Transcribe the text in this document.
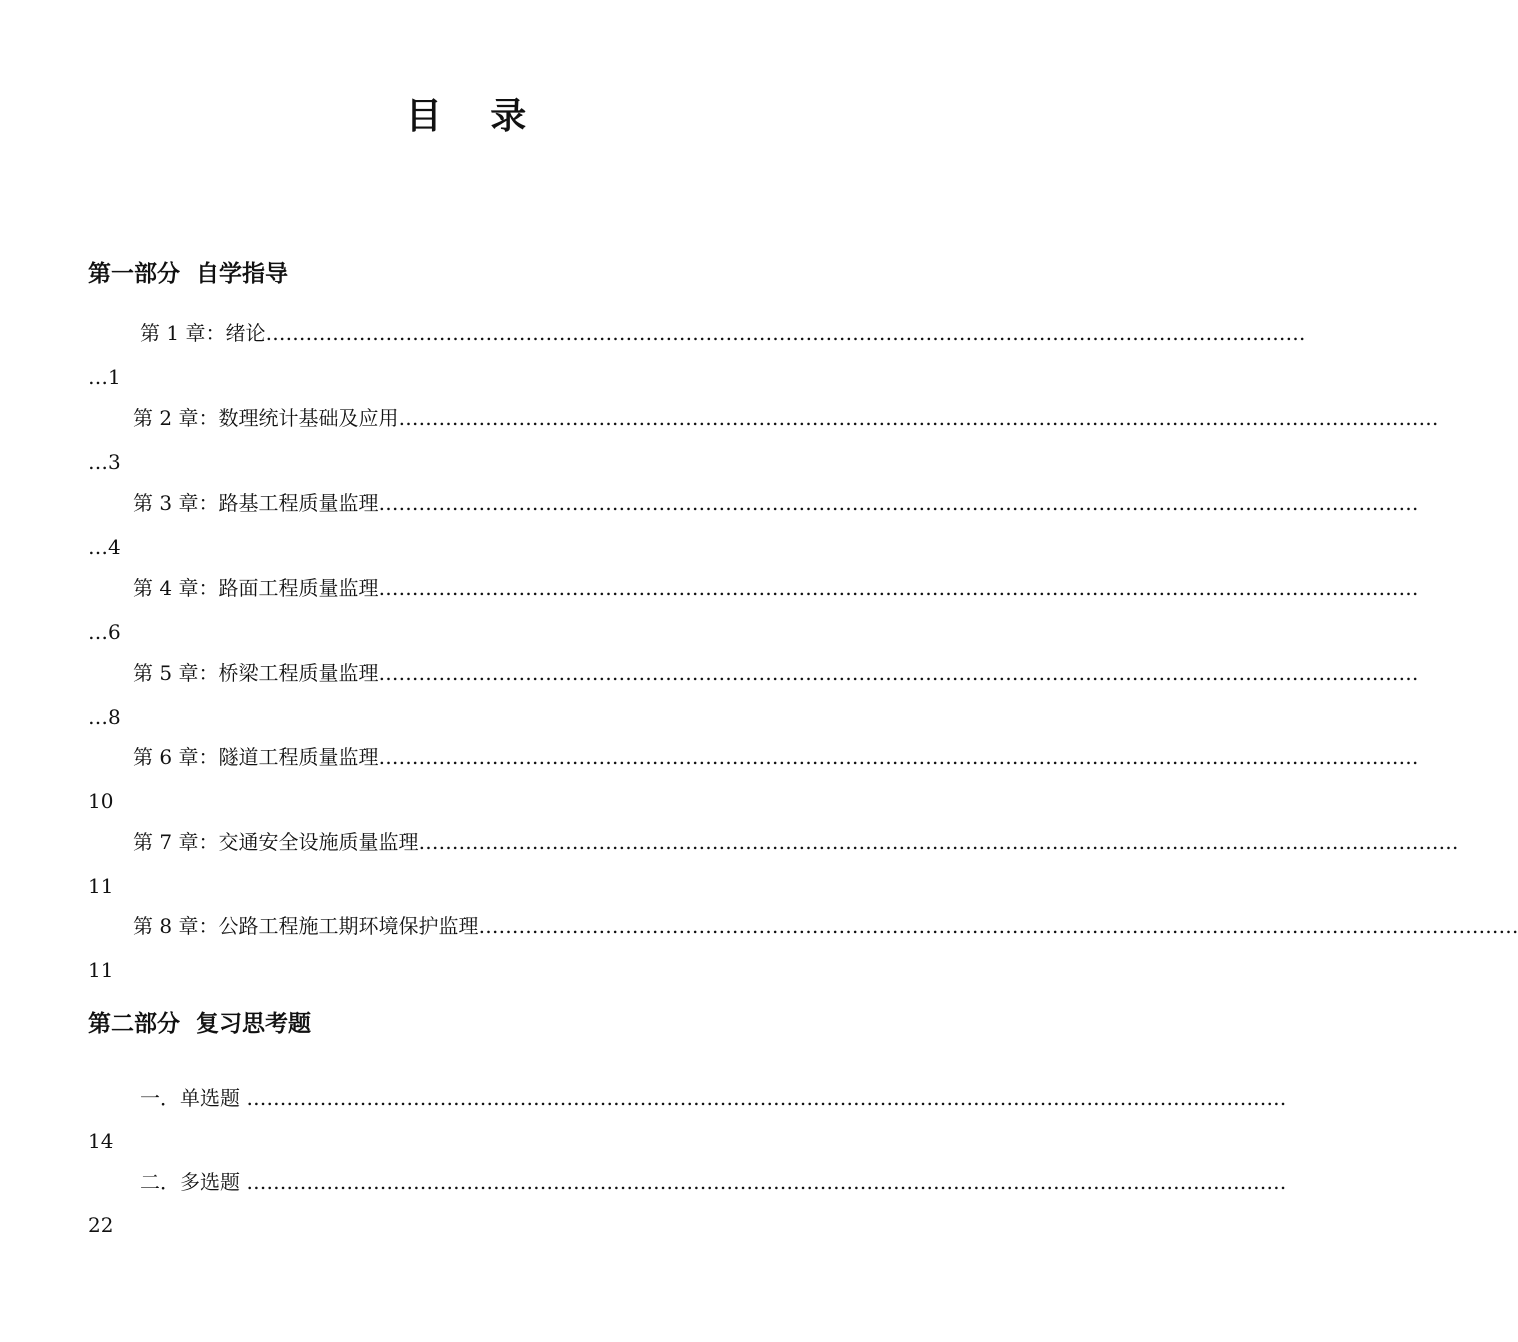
目 录
第一部分  自学指导
第 1 章：绪论…………………………………………………………………………………………………………………………………………
…1
第 2 章：数理统计基础及应用…………………………………………………………………………………………………………………………………………
…3
第 3 章：路基工程质量监理…………………………………………………………………………………………………………………………………………
…4
第 4 章：路面工程质量监理…………………………………………………………………………………………………………………………………………
…6
第 5 章：桥梁工程质量监理…………………………………………………………………………………………………………………………………………
…8
第 6 章：隧道工程质量监理…………………………………………………………………………………………………………………………………………
10
第 7 章：交通安全设施质量监理…………………………………………………………………………………………………………………………………………
11
第 8 章：公路工程施工期环境保护监理…………………………………………………………………………………………………………………………………………
11
第二部分  复习思考题
一．单选题 …………………………………………………………………………………………………………………………………………
14
二．多选题 …………………………………………………………………………………………………………………………………………
22
